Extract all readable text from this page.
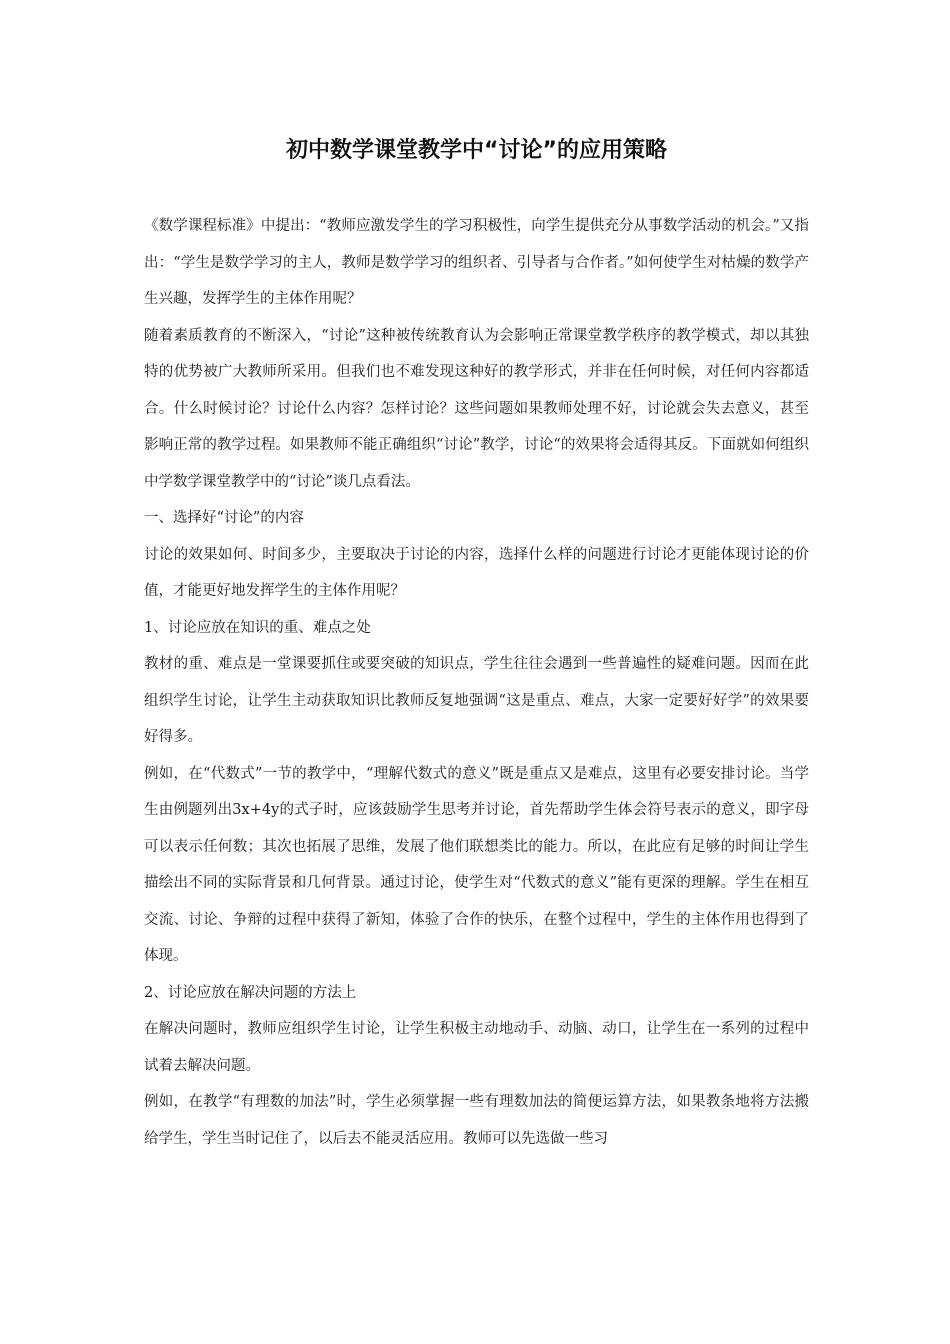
初中数学课堂教学中“讨论”的应用策略

《数学课程标准》中提出：“教师应激发学生的学习积极性，向学生提供充分从事数学活动的机会。”又指出：“学生是数学学习的主人，教师是数学学习的组织者、引导者与合作者。”如何使学生对枯燥的数学产生兴趣，发挥学生的主体作用呢？

随着素质教育的不断深入，“讨论”这种被传统教育认为会影响正常课堂教学秩序的教学模式，却以其独特的优势被广大教师所采用。但我们也不难发现这种好的教学形式，并非在任何时候，对任何内容都适合。什么时候讨论？讨论什么内容？怎样讨论？这些问题如果教师处理不好，讨论就会失去意义，甚至影响正常的教学过程。如果教师不能正确组织“讨论”教学，讨论“的效果将会适得其反。下面就如何组织中学数学课堂教学中的“讨论”谈几点看法。

一、选择好“讨论”的内容

讨论的效果如何、时间多少，主要取决于讨论的内容，选择什么样的问题进行讨论才更能体现讨论的价值，才能更好地发挥学生的主体作用呢？

1、讨论应放在知识的重、难点之处

教材的重、难点是一堂课要抓住或要突破的知识点，学生往往会遇到一些普遍性的疑难问题。因而在此组织学生讨论，让学生主动获取知识比教师反复地强调“这是重点、难点，大家一定要好好学”的效果要好得多。

例如，在“代数式”一节的教学中，“理解代数式的意义”既是重点又是难点，这里有必要安排讨论。当学生由例题列出3x+4y的式子时，应该鼓励学生思考并讨论，首先帮助学生体会符号表示的意义，即字母可以表示任何数；其次也拓展了思维，发展了他们联想类比的能力。所以，在此应有足够的时间让学生描绘出不同的实际背景和几何背景。通过讨论，使学生对“代数式的意义”能有更深的理解。学生在相互交流、讨论、争辩的过程中获得了新知，体验了合作的快乐，在整个过程中，学生的主体作用也得到了体现。

2、讨论应放在解决问题的方法上

在解决问题时，教师应组织学生讨论，让学生积极主动地动手、动脑、动口，让学生在一系列的过程中试着去解决问题。

例如，在教学“有理数的加法”时，学生必须掌握一些有理数加法的简便运算方法，如果教条地将方法搬给学生，学生当时记住了，以后去不能灵活应用。教师可以先选做一些习
